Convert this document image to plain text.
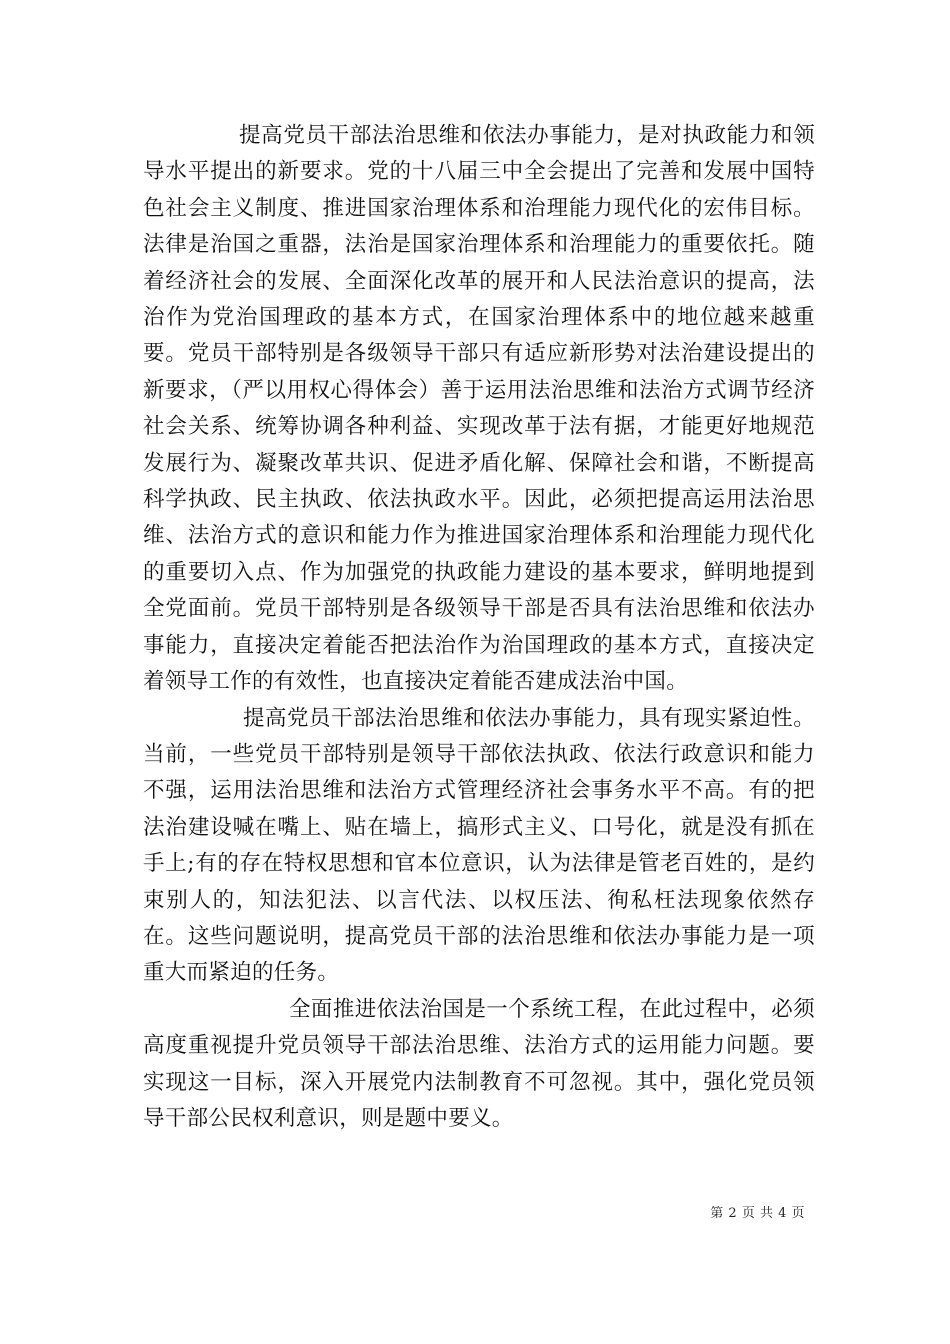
提高党员干部法治思维和依法办事能力，是对执政能力和领导水平提出的新要求。党的十八届三中全会提出了完善和发展中国特色社会主义制度、推进国家治理体系和治理能力现代化的宏伟目标。法律是治国之重器，法治是国家治理体系和治理能力的重要依托。随着经济社会的发展、全面深化改革的展开和人民法治意识的提高，法治作为党治国理政的基本方式，在国家治理体系中的地位越来越重要。党员干部特别是各级领导干部只有适应新形势对法治建设提出的新要求，（严以用权心得体会）善于运用法治思维和法治方式调节经济社会关系、统筹协调各种利益、实现改革于法有据，才能更好地规范发展行为、凝聚改革共识、促进矛盾化解、保障社会和谐，不断提高科学执政、民主执政、依法执政水平。因此，必须把提高运用法治思维、法治方式的意识和能力作为推进国家治理体系和治理能力现代化的重要切入点、作为加强党的执政能力建设的基本要求，鲜明地提到全党面前。党员干部特别是各级领导干部是否具有法治思维和依法办事能力，直接决定着能否把法治作为治国理政的基本方式，直接决定着领导工作的有效性，也直接决定着能否建成法治中国。

提高党员干部法治思维和依法办事能力，具有现实紧迫性。当前，一些党员干部特别是领导干部依法执政、依法行政意识和能力不强，运用法治思维和法治方式管理经济社会事务水平不高。有的把法治建设喊在嘴上、贴在墙上，搞形式主义、口号化，就是没有抓在手上;有的存在特权思想和官本位意识，认为法律是管老百姓的，是约束别人的，知法犯法、以言代法、以权压法、徇私枉法现象依然存在。这些问题说明，提高党员干部的法治思维和依法办事能力是一项重大而紧迫的任务。

全面推进依法治国是一个系统工程，在此过程中，必须高度重视提升党员领导干部法治思维、法治方式的运用能力问题。要实现这一目标，深入开展党内法制教育不可忽视。其中，强化党员领导干部公民权利意识，则是题中要义。

第 2 页 共 4 页
